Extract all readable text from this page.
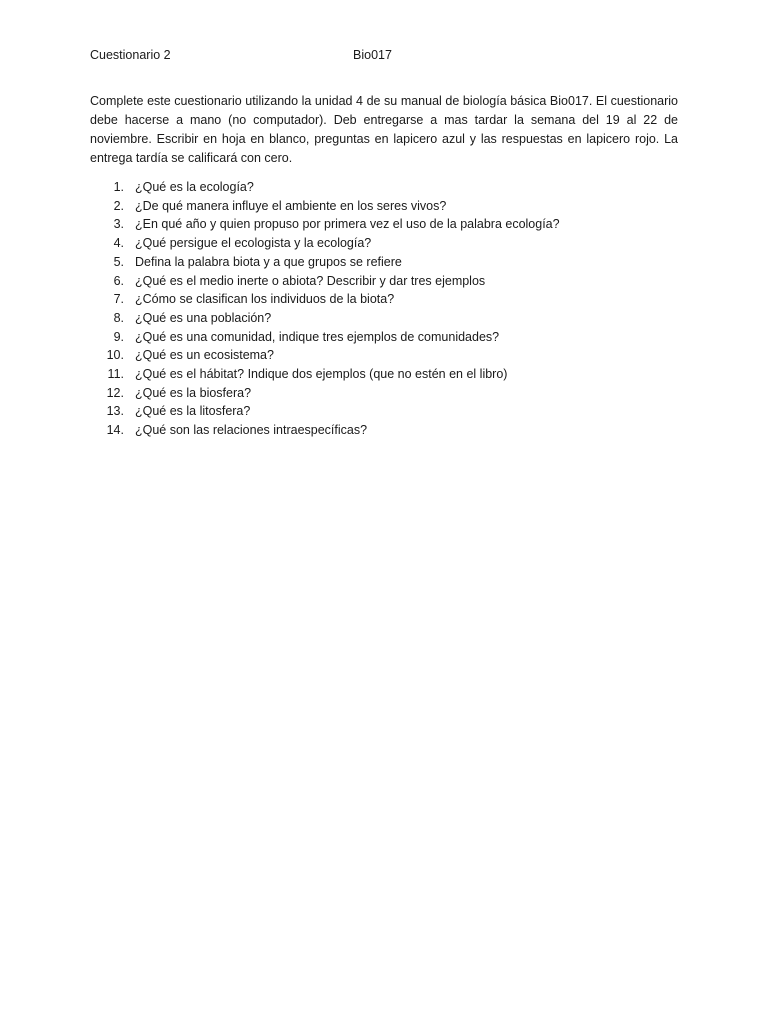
Cuestionario 2	Bio017

Complete este cuestionario utilizando la unidad 4 de su manual de biología básica Bio017. El cuestionario debe hacerse a mano (no computador). Deb entregarse a mas tardar la semana del 19 al 22 de noviembre. Escribir en hoja en blanco, preguntas en lapicero azul y las respuestas en lapicero rojo. La entrega tardía se calificará con cero.

1. ¿Qué es la ecología?
2. ¿De qué manera influye el ambiente en los seres vivos?
3. ¿En qué año y quien propuso por primera vez el uso de la palabra ecología?
4. ¿Qué persigue el ecologista y la ecología?
5. Defina la palabra biota y a que grupos se refiere
6. ¿Qué es el medio inerte o abiota? Describir y dar tres ejemplos
7. ¿Cómo se clasifican los individuos de la biota?
8. ¿Qué es una población?
9. ¿Qué es una comunidad, indique tres ejemplos de comunidades?
10. ¿Qué es un ecosistema?
11. ¿Qué es el hábitat? Indique dos ejemplos (que no estén en el libro)
12. ¿Qué es la biosfera?
13. ¿Qué es la litosfera?
14. ¿Qué son las relaciones intraespecíficas?
